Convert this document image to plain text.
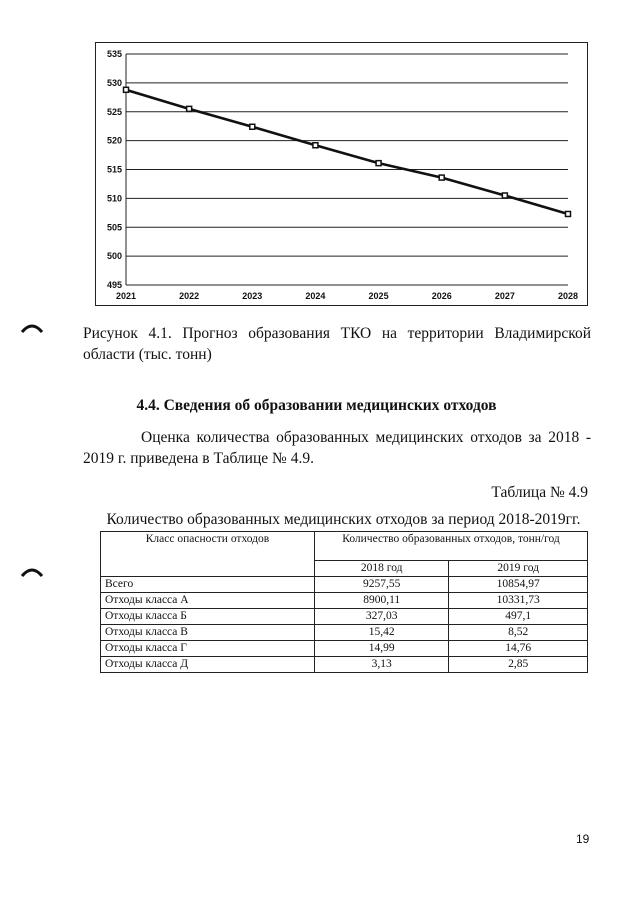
535
530
525
520
515
510
505
500
495
2021	2022	2023	2024	2025	2026	2027	2028
Рисунок 4.1. Прогноз образования ТКО на территории Владимирской области (тыс. тонн)
4.4. Сведения об образовании медицинских отходов
Оценка количества образованных медицинских отходов за 2018 - 2019 г. приведена в Таблице № 4.9.
Таблица № 4.9
Количество образованных медицинских отходов за период 2018-2019гг.
Класс опасности отходов	Количество образованных отходов, тонн/год	
	2018 год	2019 год
Всего	9257,55	10854,97
Отходы класса А	8900,11	10331,73
Отходы класса Б	327,03	497,1
Отходы класса В	15,42	8,52
Отходы класса Г	14,99	14,76
Отходы класса Д	3,13	2,85
19
